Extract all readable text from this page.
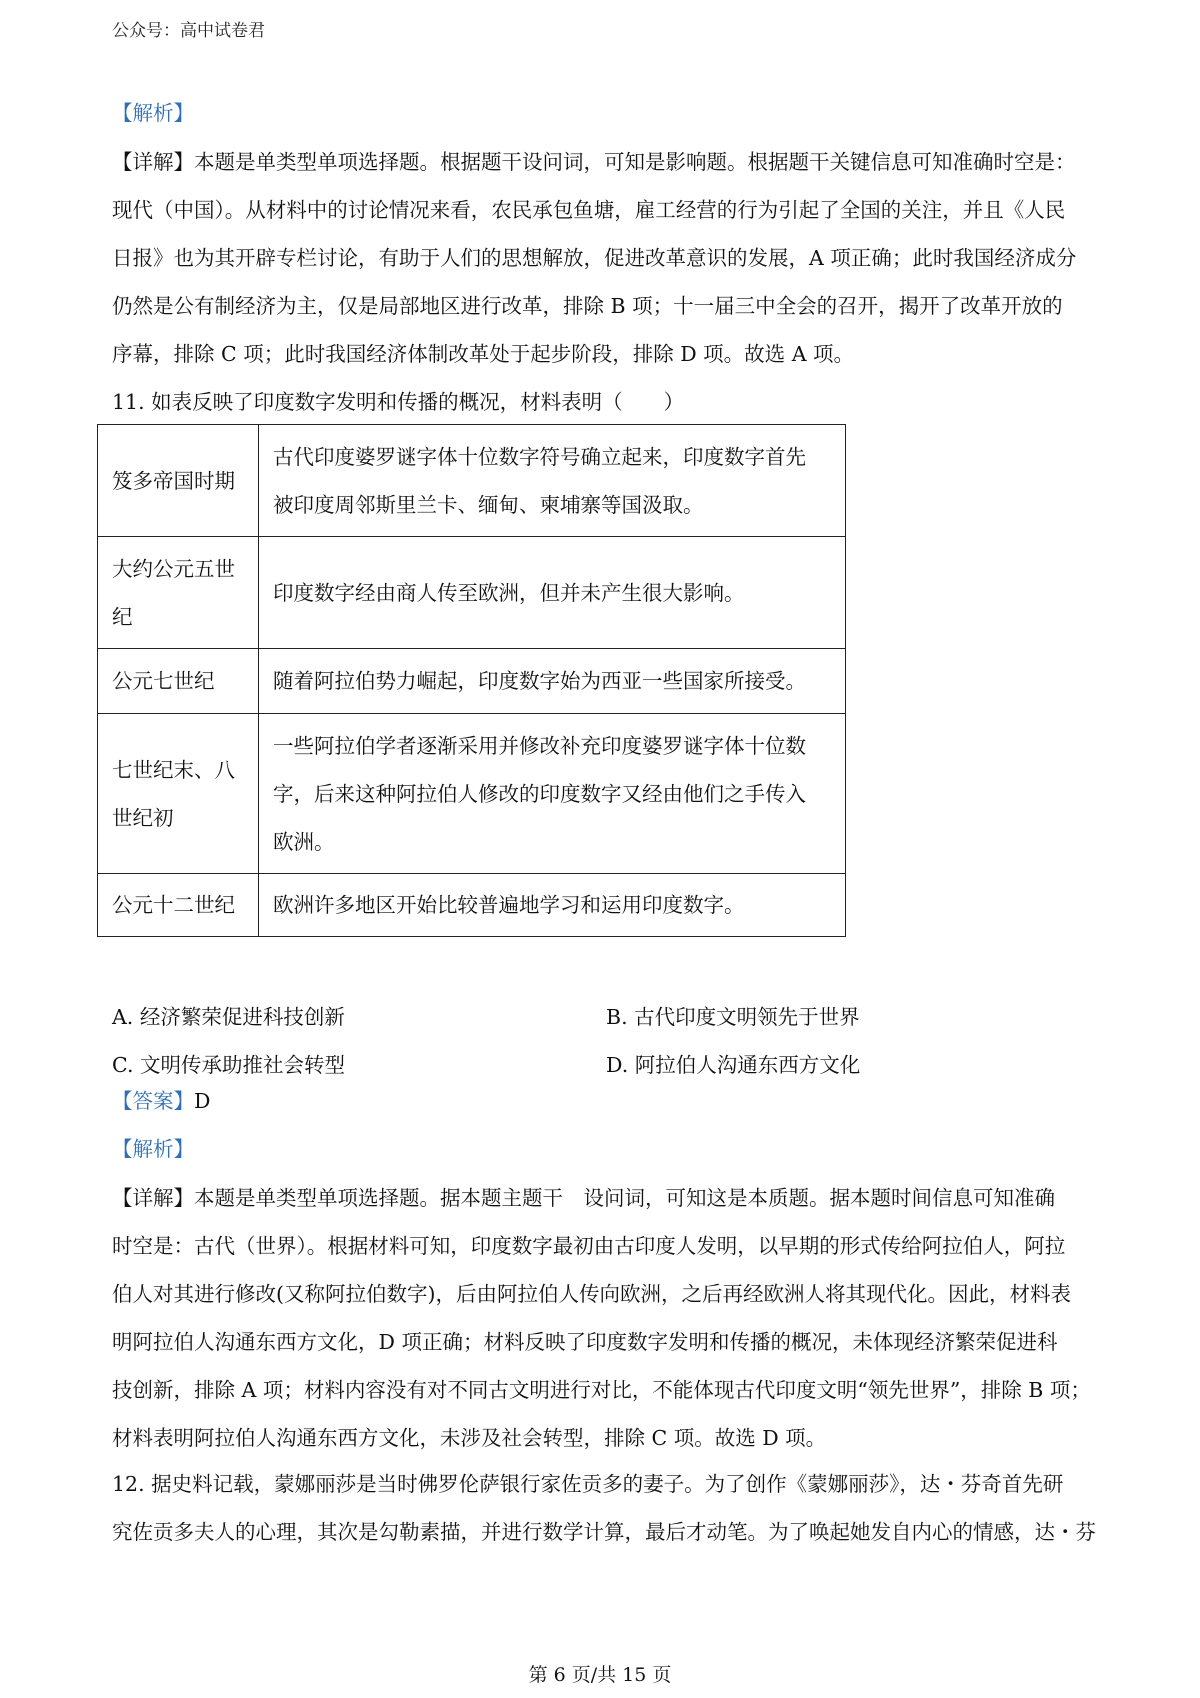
公众号：高中试卷君
【解析】
【详解】本题是单类型单项选择题。根据题干设问词，可知是影响题。根据题干关键信息可知准确时空是：
现代（中国）。从材料中的讨论情况来看，农民承包鱼塘，雇工经营的行为引起了全国的关注，并且《人民
日报》也为其开辟专栏讨论，有助于人们的思想解放，促进改革意识的发展，A 项正确；此时我国经济成分
仍然是公有制经济为主，仅是局部地区进行改革，排除 B 项；十一届三中全会的召开，揭开了改革开放的
序幕，排除 C 项；此时我国经济体制改革处于起步阶段，排除 D 项。故选 A 项。
11. 如表反映了印度数字发明和传播的概况，材料表明（　　）
笈多帝国时期	古代印度婆罗谜字体十位数字符号确立起来，印度数字首先
被印度周邻斯里兰卡、缅甸、柬埔寨等国汲取。
大约公元五世
纪	印度数字经由商人传至欧洲，但并未产生很大影响。
公元七世纪	随着阿拉伯势力崛起，印度数字始为西亚一些国家所接受。
七世纪末、八
世纪初	一些阿拉伯学者逐渐采用并修改补充印度婆罗谜字体十位数
字，后来这种阿拉伯人修改的印度数字又经由他们之手传入
欧洲。
公元十二世纪	欧洲许多地区开始比较普遍地学习和运用印度数字。
A. 经济繁荣促进科技创新	B. 古代印度文明领先于世界
C. 文明传承助推社会转型	D. 阿拉伯人沟通东西方文化
【答案】D
【解析】
【详解】本题是单类型单项选择题。据本题主题干　设问词，可知这是本质题。据本题时间信息可知准确
时空是：古代（世界）。根据材料可知，印度数字最初由古印度人发明，以早期的形式传给阿拉伯人，阿拉
伯人对其进行修改(又称阿拉伯数字)，后由阿拉伯人传向欧洲，之后再经欧洲人将其现代化。因此，材料表
明阿拉伯人沟通东西方文化，D 项正确；材料反映了印度数字发明和传播的概况，未体现经济繁荣促进科
技创新，排除 A 项；材料内容没有对不同古文明进行对比，不能体现古代印度文明“领先世界”，排除 B 项；
材料表明阿拉伯人沟通东西方文化，未涉及社会转型，排除 C 项。故选 D 项。
12. 据史料记载，蒙娜丽莎是当时佛罗伦萨银行家佐贡多的妻子。为了创作《蒙娜丽莎》，达・芬奇首先研
究佐贡多夫人的心理，其次是勾勒素描，并进行数学计算，最后才动笔。为了唤起她发自内心的情感，达・芬
第 6 页/共 15 页
